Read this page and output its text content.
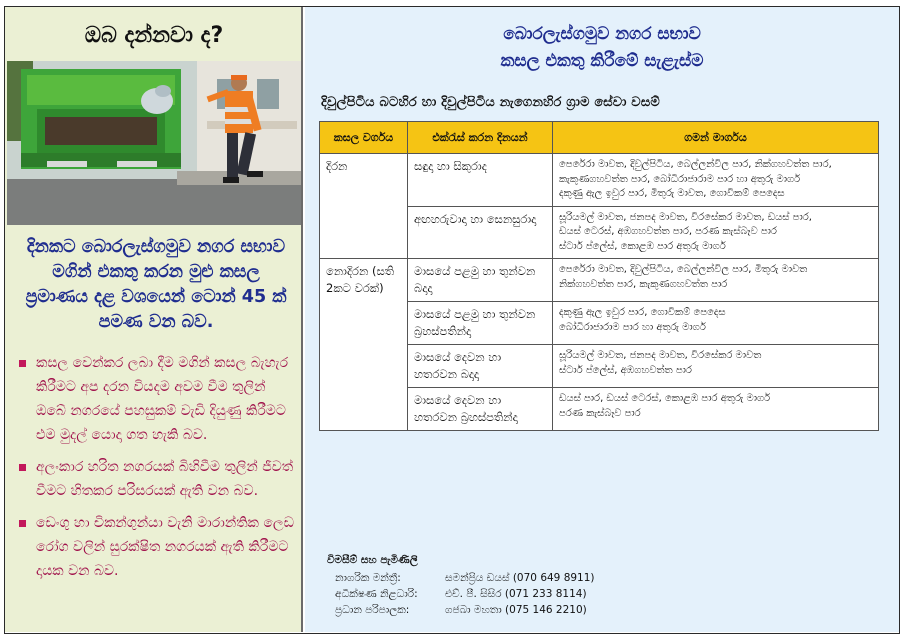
ඔබ දන්නවා ද?
දිනකට බොරලැස්ගමුව නගර සභාව මගින් එකතු කරන මුළු කසල ප්‍රමාණය දළ වශයෙන් ටොන් 45 ක් පමණ වන බව.
කසල වෙන්කර ලබා දීම මගින් කසල බැහැර කිරීමට අප දරන වියදම අවම වීම තුලින් ඔබේ නගරයේ පහසුකම් වැඩි දියුණු කිරීමට එම මුදල් යොදා ගත හැකි බව.
අලංකාර හරිත නගරයක් බිහිවීම තුලින් ජීවත් වීමට හිතකර පරිසරයක් ඇති වන බව.
ඩෙංගු හා චිකන්ගුන්යා වැනි මාරාන්තික ලෙඩ රෝග වලින් සුරක්ෂිත නගරයක් ඇති කිරීමට දායක වන බව.
බොරලැස්ගමුව නගර සභාව
කසල එකතු කිරීමේ සැළැස්ම
දිවුල්පිටිය බටහිර හා දිවුල්පිටිය නැගෙනහිර ග්‍රාම සේවා වසම්
කසල වර්ගය	එක්රැස් කරන දිනයන්	ගමන් මාර්ගය
දිරන	සඳුදා හා සිකුරාද	පෙරේරා මාවත, දිවුල්පිටිය, බෙල්ලන්විල පාර, නික්ගහවත්ත පාර,
කැකුණගහවත්ත පාර, බෝධිරාජාරාම පාර හා අතුරු මාර්ග
දකුණු ඇල ඉවුර පාර, මිතුරු මාවත, ගොවිකම් පෙදෙස

	අඟහරුවාදා හා සෙනසුරාදා	සූරියමල් මාවත, ජනපද මාවත, විරසේකර මාවත, ඩයස් පාර,
ඩයස් ටෙරස්, අඹගහවත්ත පාර, පරණ කැස්බෑව පාර
ස්ටාර් ප්ලේස්, කොළඹ පාර අතුරු මාර්ග

නොදිරන (සති 2කට වරක්)	මාසයේ පළමු හා තුන්වන බදාදා	පෙරේරා මාවත, දිවුල්පිටිය, බෙල්ලන්විල පාර, මිතුරු මාවත
නික්ගහවත්ත පාර, කැකුණගහවත්ත පාර

	මාසයේ පළමු හා තුන්වන බ්‍රහස්පතින්දා	දකුණු ඇල ඉවුර පාර, ගොවිකම් පෙදෙස
බෝධිරාජාරාම පාර හා අතුරු මාර්ග

	මාසයේ දෙවන හා හතරවන බදාදා	සූරියමල් මාවත, ජනපද මාවත, විරසේකර මාවත
ස්ටාර් ප්ලේස්, අඹගහවත්ත පාර

	මාසයේ දෙවන හා හතරවන බ්‍රහස්පතින්දා	ඩයස් පාර, ඩයස් ටෙරස්, කොළඹ පාර අතුරු මාර්ග
පරණ කැස්බෑව පාර
විමසීම් සහ පැමිණිලි
නාගරික මන්ත්‍රී:	සමන්ප්‍රිය ඩයස් (070 649 8911)
අධීක්ෂණ නිළධාරි:	එච්. පී. සිසිර (071 233 8114)
ප්‍රධාන පරිපාලක:	ගජබා මහතා (075 146 2210)
